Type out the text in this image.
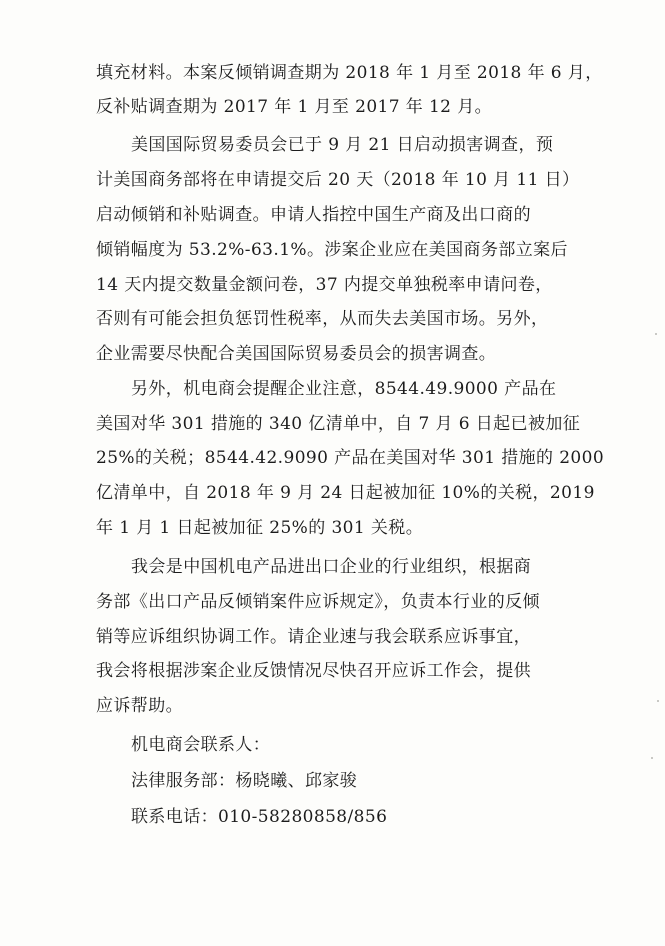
填充材料。本案反倾销调查期为 2018 年 1 月至 2018 年 6 月，
反补贴调查期为 2017 年 1 月至 2017 年 12 月。
美国国际贸易委员会已于 9 月 21 日启动损害调查，预
计美国商务部将在申请提交后 20 天（2018 年 10 月 11 日）
启动倾销和补贴调查。申请人指控中国生产商及出口商的
倾销幅度为 53.2%-63.1%。涉案企业应在美国商务部立案后
14 天内提交数量金额问卷，37 内提交单独税率申请问卷，
否则有可能会担负惩罚性税率，从而失去美国市场。另外，
企业需要尽快配合美国国际贸易委员会的损害调查。
另外，机电商会提醒企业注意，8544.49.9000 产品在
美国对华 301 措施的 340 亿清单中，自 7 月 6 日起已被加征
25%的关税；8544.42.9090 产品在美国对华 301 措施的 2000
亿清单中，自 2018 年 9 月 24 日起被加征 10%的关税，2019
年 1 月 1 日起被加征 25%的 301 关税。
我会是中国机电产品进出口企业的行业组织，根据商
务部《出口产品反倾销案件应诉规定》，负责本行业的反倾
销等应诉组织协调工作。请企业速与我会联系应诉事宜，
我会将根据涉案企业反馈情况尽快召开应诉工作会，提供
应诉帮助。
机电商会联系人：
法律服务部：杨晓曦、邱家骏
联系电话：010-58280858/856
